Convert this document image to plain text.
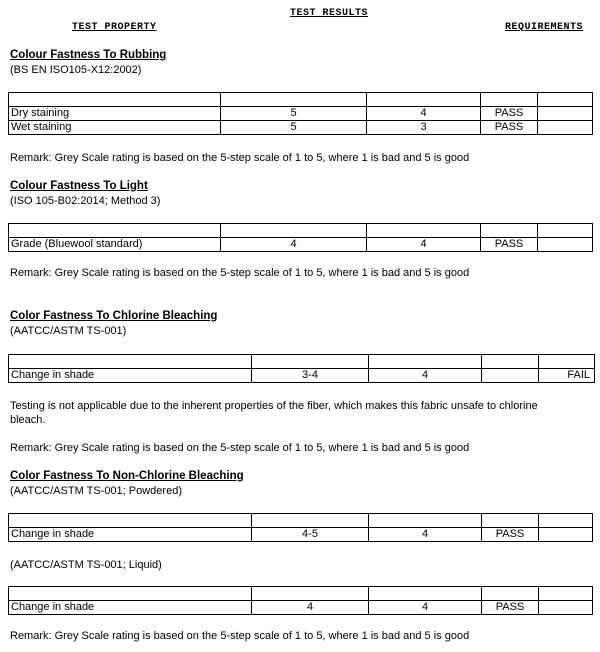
TEST RESULTS
TEST PROPERTY	REQUIREMENTS
Colour Fastness To Rubbing
(BS EN ISO105-X12:2002)

Dry staining	5	4	PASS	
Wet staining	5	3	PASS	
Remark: Grey Scale rating is based on the 5-step scale of 1 to 5, where 1 is bad and 5 is good
Colour Fastness To Light
(ISO 105-B02:2014; Method 3)

Grade (Bluewool standard)	4	4	PASS	
Remark: Grey Scale rating is based on the 5-step scale of 1 to 5, where 1 is bad and 5 is good
Color Fastness To Chlorine Bleaching
(AATCC/ASTM TS-001)

Change in shade	3-4	4		FAIL
Testing is not applicable due to the inherent properties of the fiber, which makes this fabric unsafe to chlorine
bleach.
Remark: Grey Scale rating is based on the 5-step scale of 1 to 5, where 1 is bad and 5 is good
Color Fastness To Non-Chlorine Bleaching
(AATCC/ASTM TS-001; Powdered)

Change in shade	4-5	4	PASS	
(AATCC/ASTM TS-001; Liquid)

Change in shade	4	4	PASS	
Remark: Grey Scale rating is based on the 5-step scale of 1 to 5, where 1 is bad and 5 is good
